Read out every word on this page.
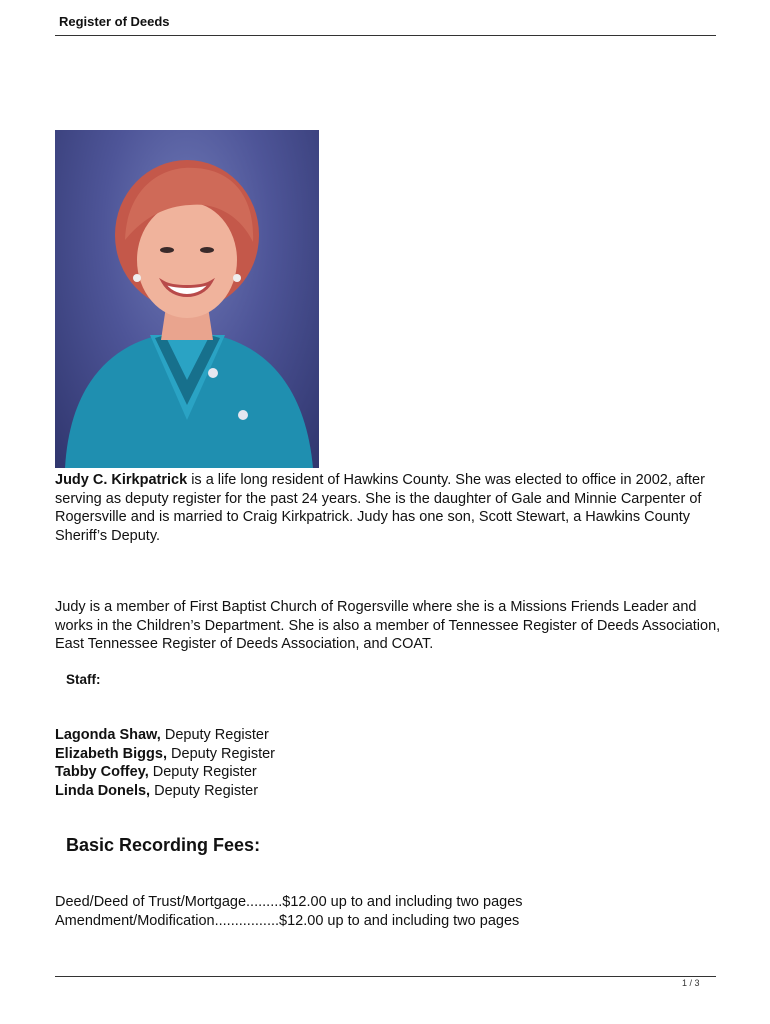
Register of Deeds

Judy C. Kirkpatrick is a life long resident of Hawkins County. She was elected to office in 2002, after serving as deputy register for the past 24 years. She is the daughter of Gale and Minnie Carpenter of Rogersville and is married to Craig Kirkpatrick. Judy has one son, Scott Stewart, a Hawkins County Sheriff’s Deputy.

Judy is a member of First Baptist Church of Rogersville where she is a Missions Friends Leader and works in the Children’s Department. She is also a member of Tennessee Register of Deeds Association, East Tennessee Register of Deeds Association, and COAT.

Staff:
Lagonda Shaw, Deputy Register
Elizabeth Biggs, Deputy Register
Tabby Coffey, Deputy Register
Linda Donels, Deputy Register
Basic Recording Fees:
Deed/Deed of Trust/Mortgage.........$12.00 up to and including two pages
Amendment/Modification................$12.00 up to and including two pages
1 / 3
